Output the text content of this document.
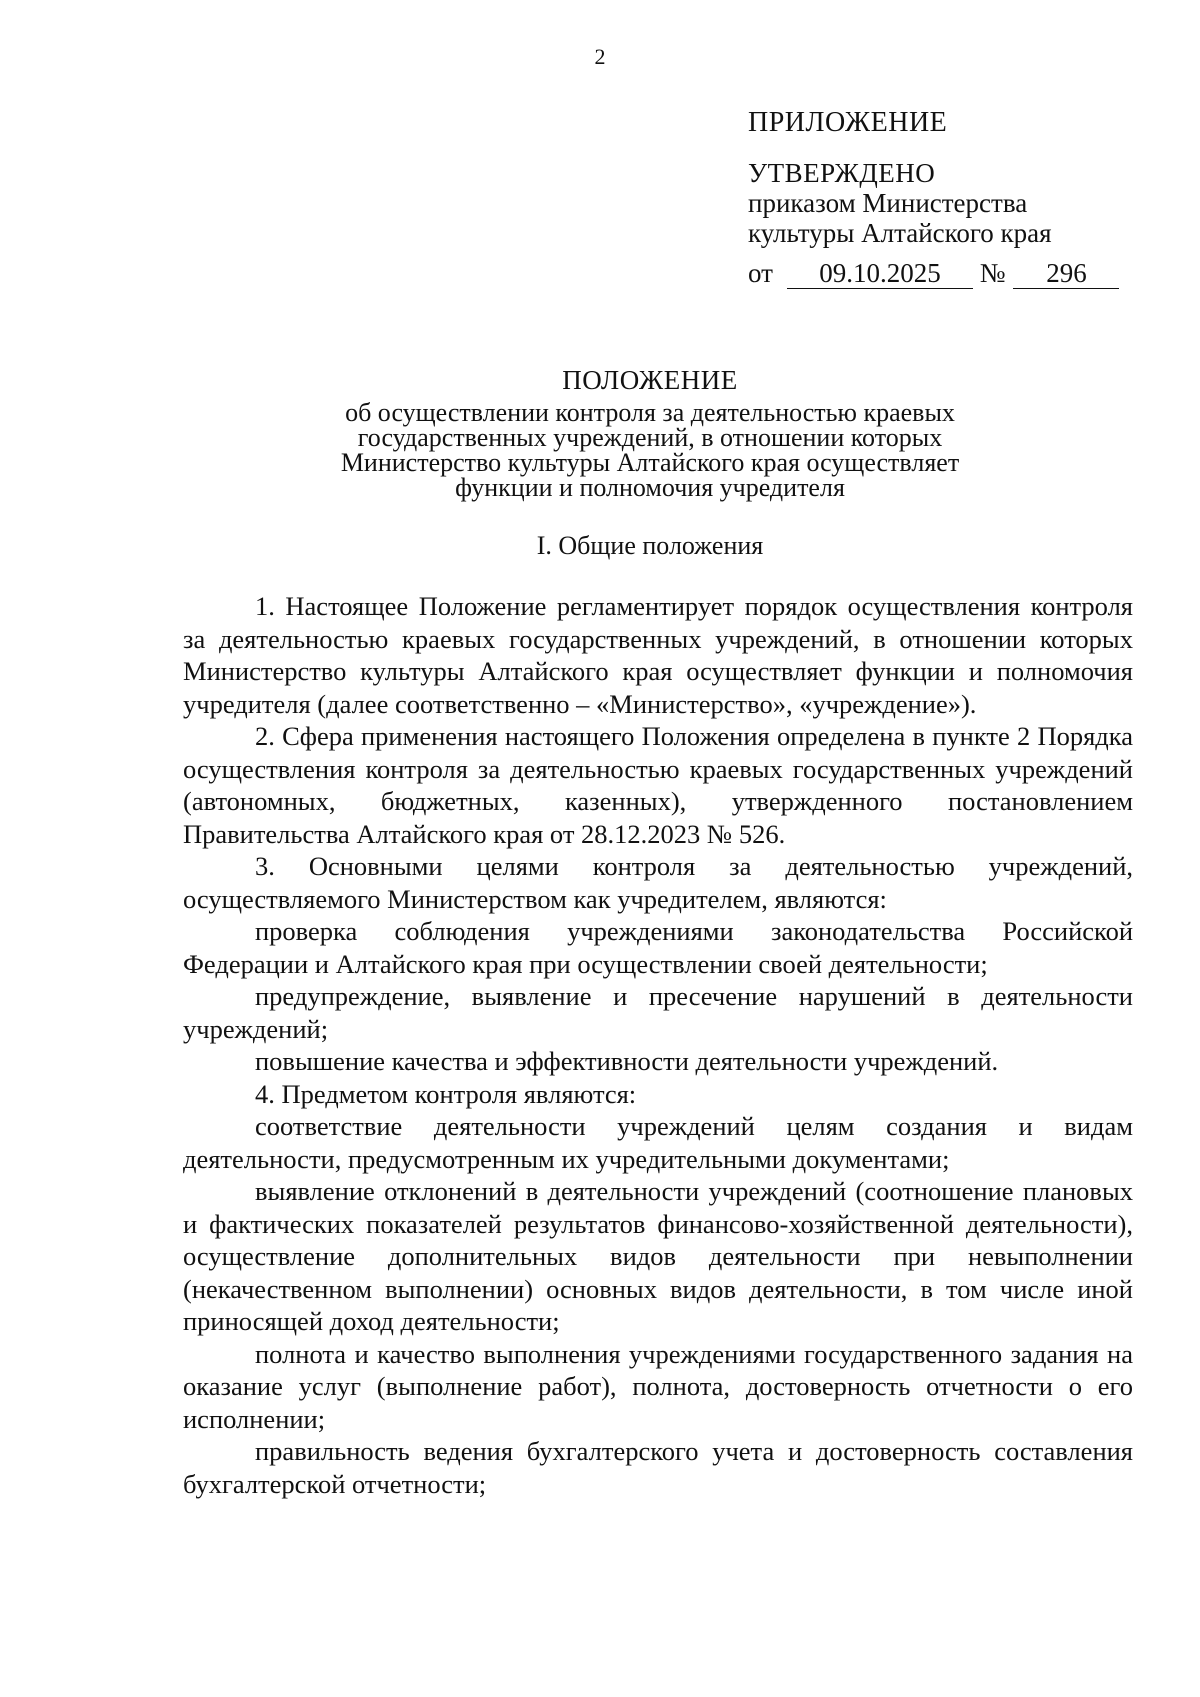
2
ПРИЛОЖЕНИЕ
УТВЕРЖДЕНО
приказом Министерства
культуры Алтайского края
от 09.10.2025 № 296
ПОЛОЖЕНИЕ
об осуществлении контроля за деятельностью краевых
государственных учреждений, в отношении которых
Министерство культуры Алтайского края осуществляет
функции и полномочия учредителя
I. Общие положения

1. Настоящее Положение регламентирует порядок осуществления контроля за деятельностью краевых государственных учреждений, в отношении которых Министерство культуры Алтайского края осуществляет функции и полномочия учредителя (далее соответственно – «Министерство», «учреждение»).

2. Сфера применения настоящего Положения определена в пункте 2 Порядка осуществления контроля за деятельностью краевых государственных учреждений (автономных, бюджетных, казенных), утвержденного постановлением Правительства Алтайского края от 28.12.2023 № 526.

3. Основными целями контроля за деятельностью учреждений, осуществляемого Министерством как учредителем, являются:

проверка соблюдения учреждениями законодательства Российской Федерации и Алтайского края при осуществлении своей деятельности;

предупреждение, выявление и пресечение нарушений в деятельности учреждений;

повышение качества и эффективности деятельности учреждений.

4. Предметом контроля являются:

соответствие деятельности учреждений целям создания и видам деятельности, предусмотренным их учредительными документами;

выявление отклонений в деятельности учреждений (соотношение плановых и фактических показателей результатов финансово-хозяйственной деятельности), осуществление дополнительных видов деятельности при невыполнении (некачественном выполнении) основных видов деятельности, в том числе иной приносящей доход деятельности;

полнота и качество выполнения учреждениями государственного задания на оказание услуг (выполнение работ), полнота, достоверность отчетности о его исполнении;

правильность ведения бухгалтерского учета и достоверность составления бухгалтерской отчетности;
